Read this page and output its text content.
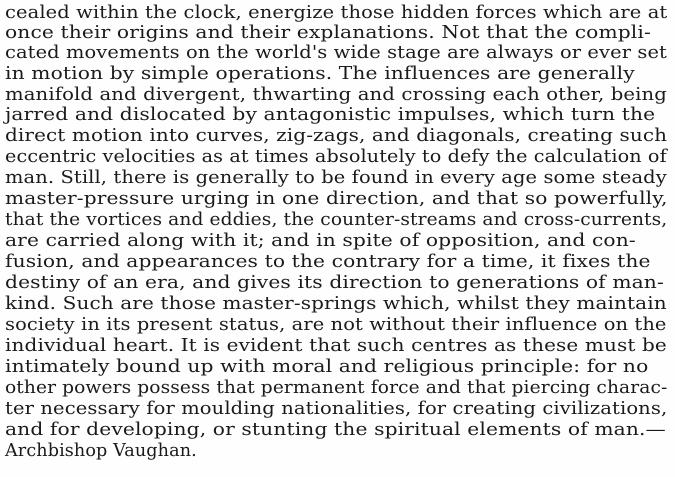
cealed within the clock, energize those hidden forces which are at
once their origins and their explanations. Not that the compli-
cated movements on the world's wide stage are always or ever set
in motion by simple operations. The influences are generally
manifold and divergent, thwarting and crossing each other, being
jarred and dislocated by antagonistic impulses, which turn the
direct motion into curves, zig-zags, and diagonals, creating such
eccentric velocities as at times absolutely to defy the calculation of
man. Still, there is generally to be found in every age some steady
master-pressure urging in one direction, and that so powerfully,
that the vortices and eddies, the counter-streams and cross-currents,
are carried along with it; and in spite of opposition, and con-
fusion, and appearances to the contrary for a time, it fixes the
destiny of an era, and gives its direction to generations of man-
kind. Such are those master-springs which, whilst they maintain
society in its present status, are not without their influence on the
individual heart. It is evident that such centres as these must be
intimately bound up with moral and religious principle: for no
other powers possess that permanent force and that piercing charac-
ter necessary for moulding nationalities, for creating civilizations,
and for developing, or stunting the spiritual elements of man.—
Archbishop Vaughan.
